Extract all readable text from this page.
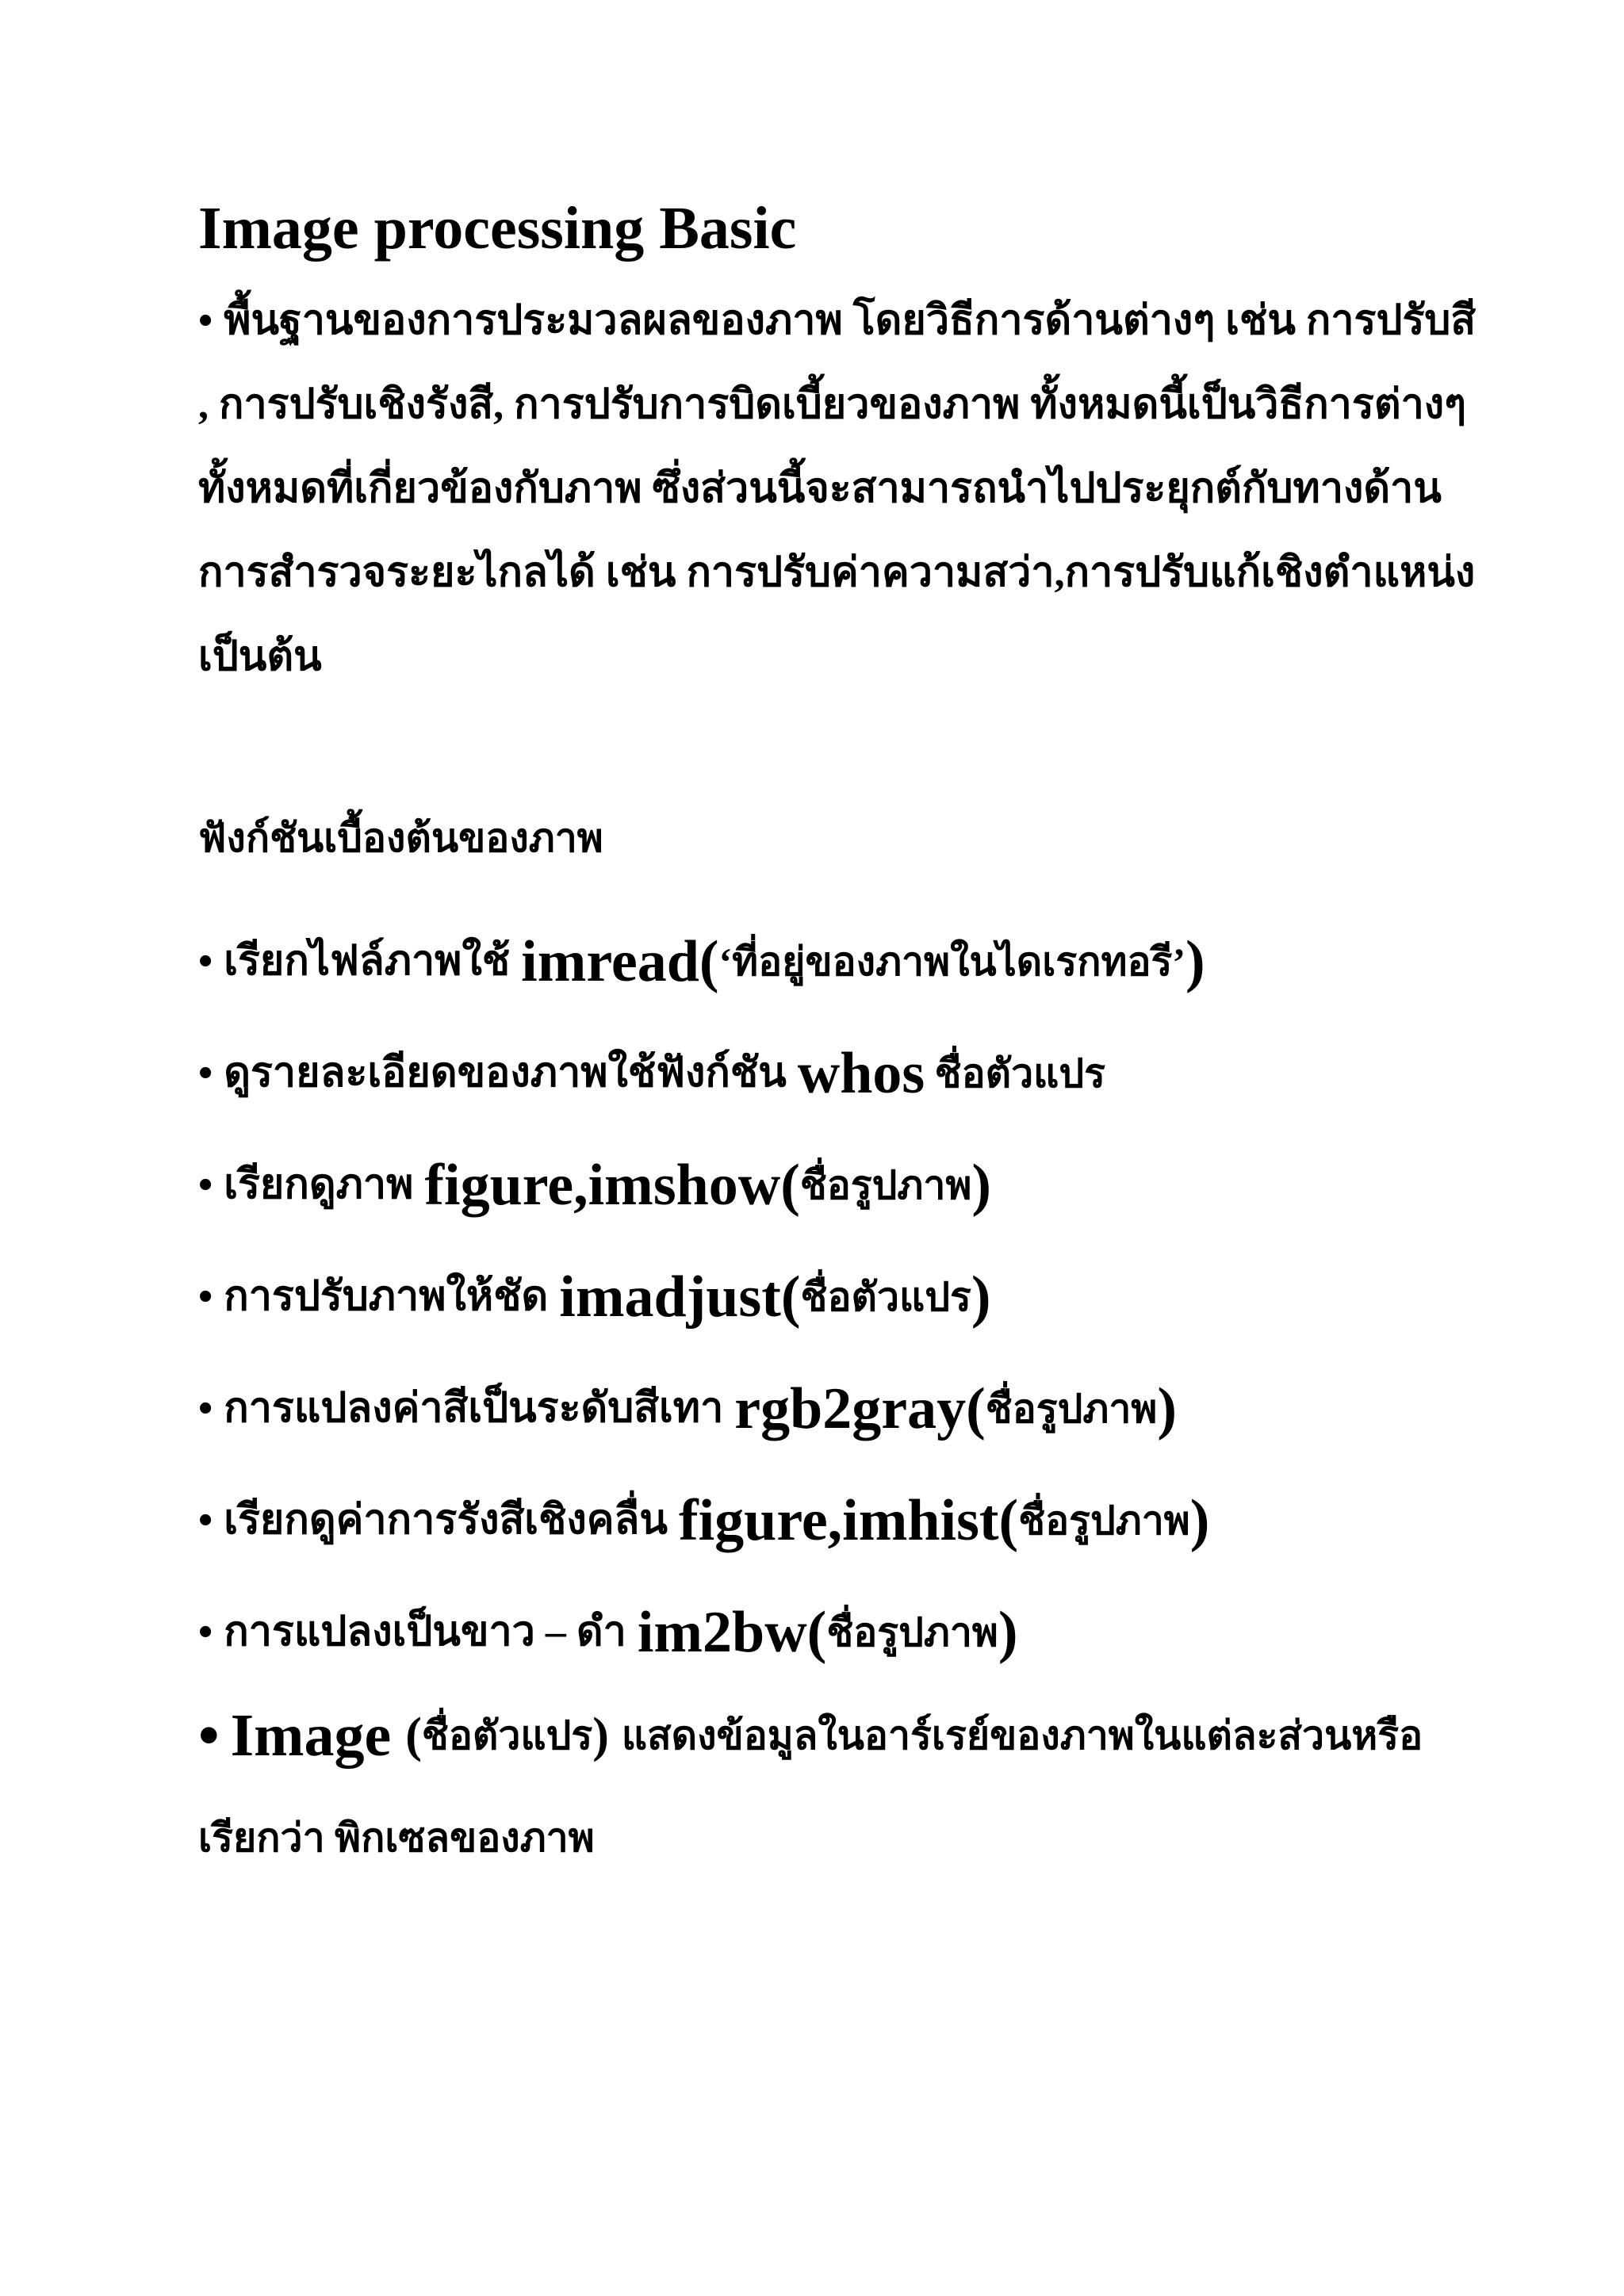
Image processing Basic
• พื้นฐานของการประมวลผลของภาพ โดยวิธีการด้านต่างๆ เช่น การปรับสี
, การปรับเชิงรังสี, การปรับการบิดเบี้ยวของภาพ ทั้งหมดนี้เป็นวิธีการต่างๆ
ทั้งหมดที่เกี่ยวข้องกับภาพ ซึ่งส่วนนี้จะสามารถนำไปประยุกต์กับทางด้าน
การสำรวจระยะไกลได้ เช่น การปรับค่าความสว่า,การปรับแก้เชิงตำแหน่ง
เป็นต้น
ฟังก์ชันเบื้องต้นของภาพ
• เรียกไฟล์ภาพใช้ imread( ‘ที่อยู่ของภาพในไดเรกทอรี’ )
• ดูรายละเอียดของภาพใช้ฟังก์ชัน whos ชื่อตัวแปร
• เรียกดูภาพ figure,imshow( ชื่อรูปภาพ )
• การปรับภาพให้ชัด imadjust( ชื่อตัวแปร )
• การแปลงค่าสีเป็นระดับสีเทา rgb2gray( ชื่อรูปภาพ )
• เรียกดูค่าการรังสีเชิงคลื่น figure,imhist( ชื่อรูปภาพ )
• การแปลงเป็นขาว – ดำ im2bw( ชื่อรูปภาพ )
• Image ( ชื่อตัวแปร ) แสดงข้อมูลในอาร์เรย์ของภาพในแต่ละส่วนหรือ
เรียกว่า พิกเซลของภาพ
